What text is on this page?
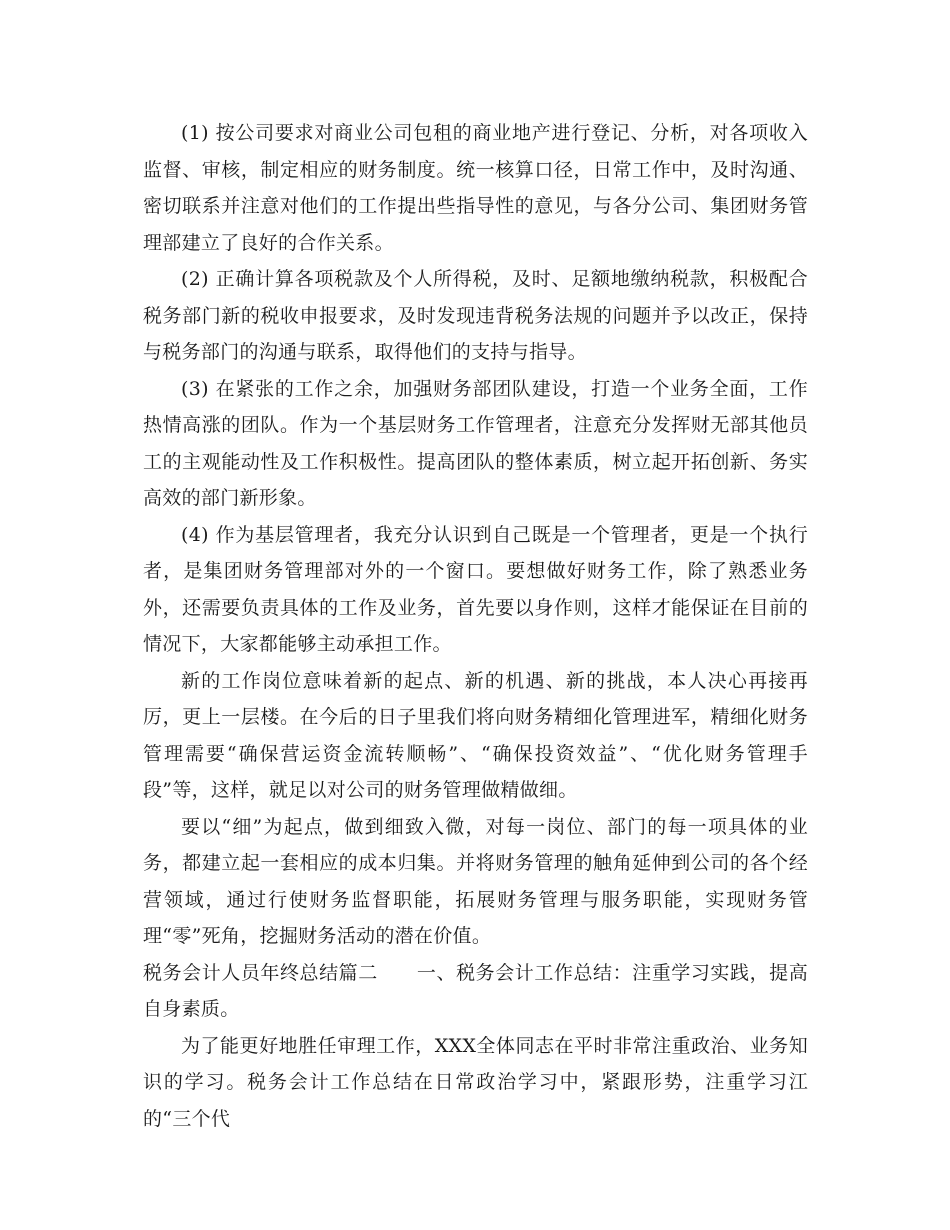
(1) 按公司要求对商业公司包租的商业地产进行登记、分析，对各项收入监督、审核，制定相应的财务制度。统一核算口径，日常工作中，及时沟通、密切联系并注意对他们的工作提出些指导性的意见，与各分公司、集团财务管理部建立了良好的合作关系。

(2) 正确计算各项税款及个人所得税，及时、足额地缴纳税款，积极配合税务部门新的税收申报要求，及时发现违背税务法规的问题并予以改正，保持与税务部门的沟通与联系，取得他们的支持与指导。

(3) 在紧张的工作之余，加强财务部团队建设，打造一个业务全面，工作热情高涨的团队。作为一个基层财务工作管理者，注意充分发挥财无部其他员工的主观能动性及工作积极性。提高团队的整体素质，树立起开拓创新、务实高效的部门新形象。

(4) 作为基层管理者，我充分认识到自己既是一个管理者，更是一个执行者，是集团财务管理部对外的一个窗口。要想做好财务工作，除了熟悉业务外，还需要负责具体的工作及业务，首先要以身作则，这样才能保证在目前的情况下，大家都能够主动承担工作。

新的工作岗位意味着新的起点、新的机遇、新的挑战，本人决心再接再厉，更上一层楼。在今后的日子里我们将向财务精细化管理进军，精细化财务管理需要“确保营运资金流转顺畅”、“确保投资效益”、“优化财务管理手段”等，这样，就足以对公司的财务管理做精做细。

要以“细”为起点，做到细致入微，对每一岗位、部门的每一项具体的业务，都建立起一套相应的成本归集。并将财务管理的触角延伸到公司的各个经营领域，通过行使财务监督职能，拓展财务管理与服务职能，实现财务管理“零”死角，挖掘财务活动的潜在价值。

税务会计人员年终总结篇二　　一、税务会计工作总结：注重学习实践，提高自身素质。

为了能更好地胜任审理工作，XXX全体同志在平时非常注重政治、业务知识的学习。税务会计工作总结在日常政治学习中，紧跟形势，注重学习江的“三个代
